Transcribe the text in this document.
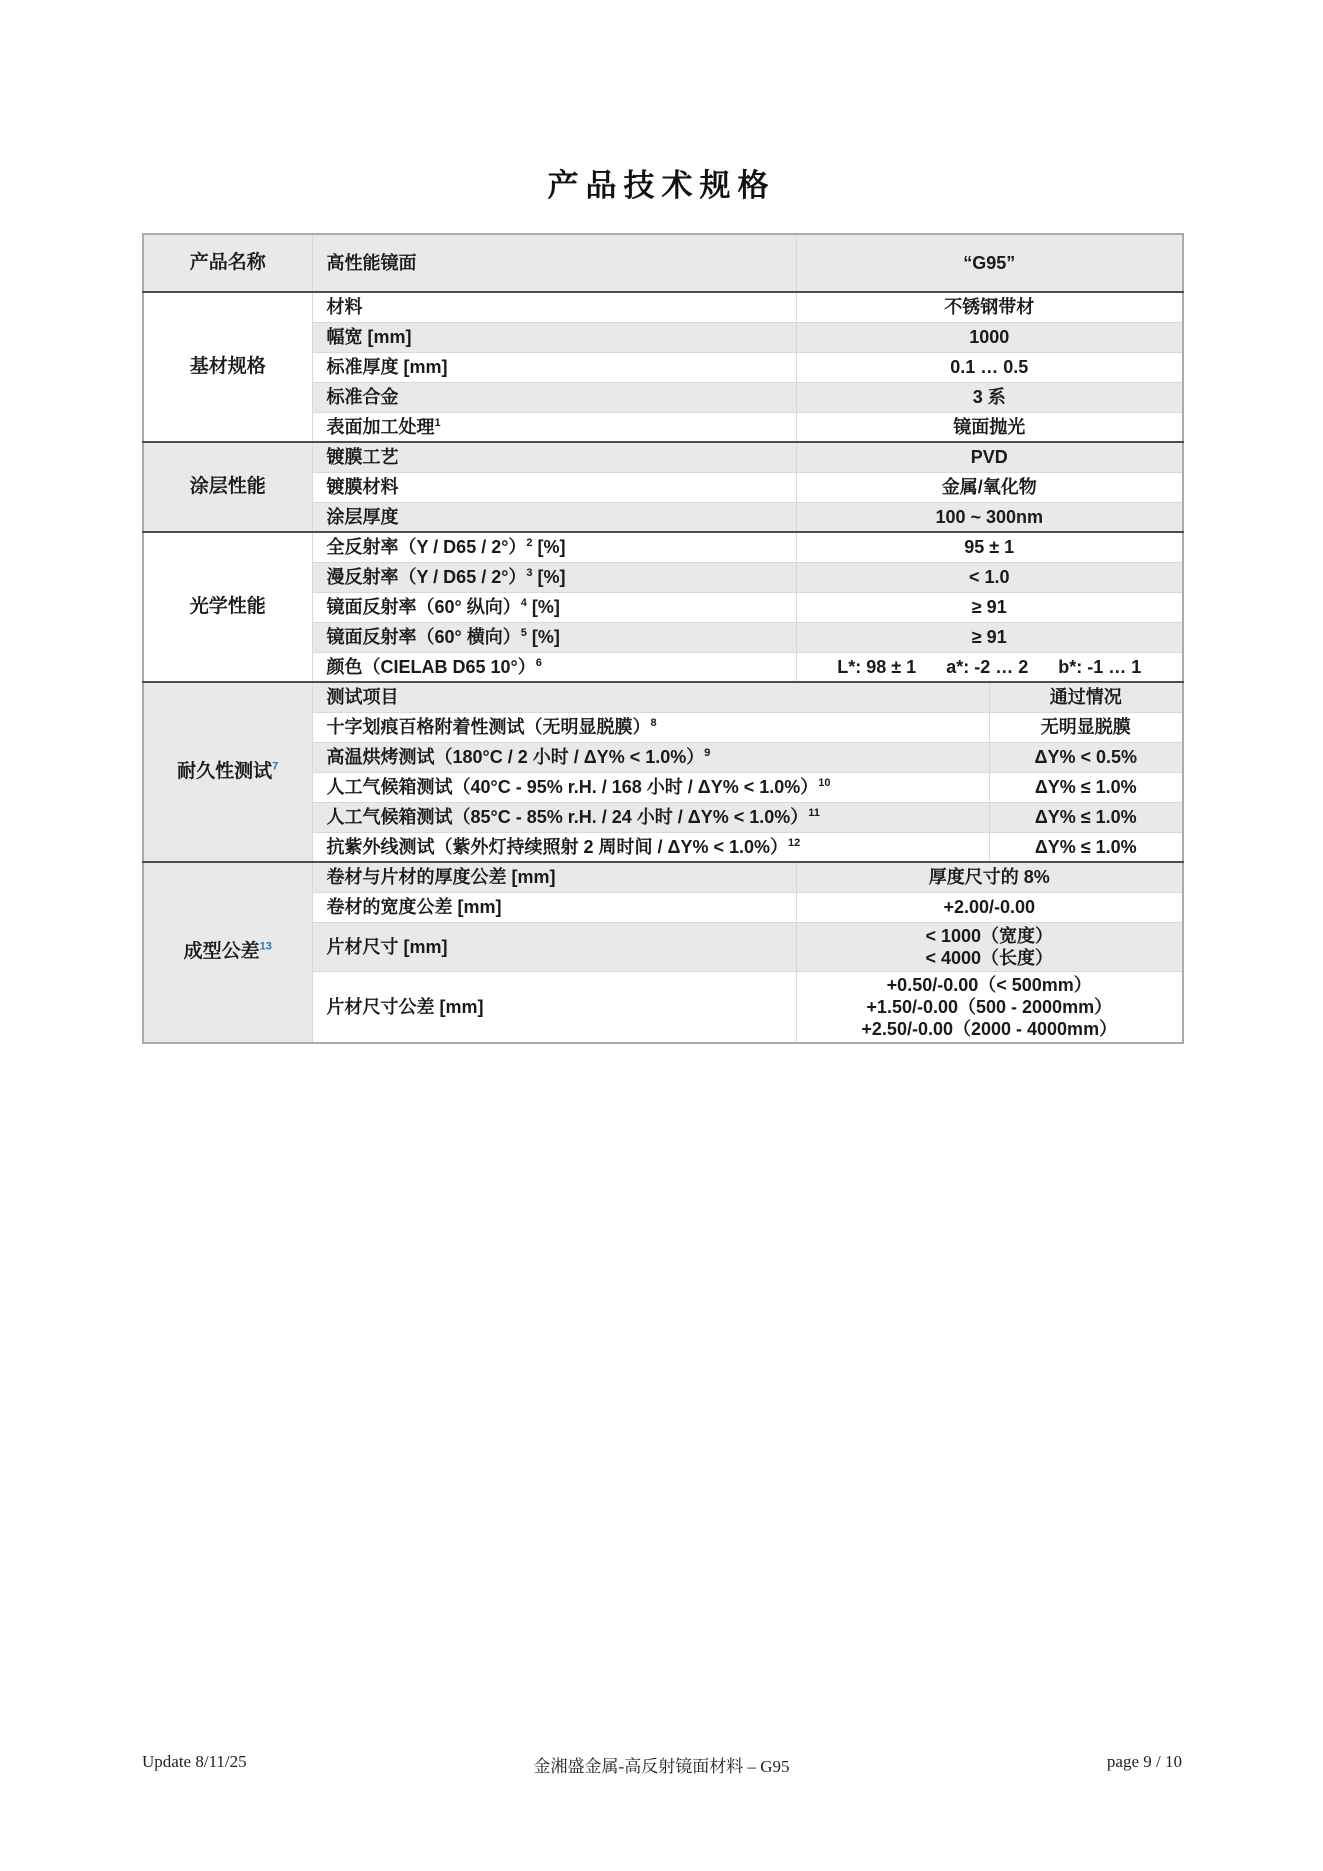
产品技术规格
产品名称	高性能镜面	“G95”	
基材规格	材料	不锈钢带材	
	幅宽 [mm]	1000	
	标准厚度 [mm]	0.1 … 0.5	
	标准合金	3 系	
	表面加工处理$^1$	镜面抛光	
涂层性能	镀膜工艺	PVD	
	镀膜材料	金属/氧化物	
	涂层厚度	100 ~ 300nm	
光学性能	全反射率（Y / D65 / 2°）$^2$ [%]	95 ± 1	
	漫反射率（Y / D65 / 2°）$^3$ [%]	< 1.0	
	镜面反射率（60° 纵向）$^4$ [%]	≥ 91	
	镜面反射率（60° 横向）$^5$ [%]	≥ 91	
	颜色（CIELAB D65 10°）$^6$	L*: 98 ± 1 a*: -2 … 2 b*: -1 … 1	

耐久性测试$^7$	测试项目		通过情况
	十字划痕百格附着性测试（无明显脱膜）$^8$		无明显脱膜
	高温烘烤测试（180°C / 2 小时 / ΔY% < 1.0%）$^9$		ΔY% < 0.5%
	人工气候箱测试（40°C - 95% r.H. / 168 小时 / ΔY% < 1.0%）$^{10}$		ΔY% ≤ 1.0%
	人工气候箱测试（85°C - 85% r.H. / 24 小时 / ΔY% < 1.0%）$^{11}$		ΔY% ≤ 1.0%
	抗紫外线测试（紫外灯持续照射 2 周时间 / ΔY% < 1.0%）$^{12}$		ΔY% ≤ 1.0%
成型公差$^{13}$	卷材与片材的厚度公差 [mm]	厚度尺寸的 8%	
	卷材的宽度公差 [mm]	+2.00/-0.00	
	片材尺寸 [mm]	< 1000（宽度）
< 4000（长度）	

	片材尺寸公差 [mm]	+0.50/-0.00（< 500mm）
+1.50/-0.00（500 - 2000mm）
+2.50/-0.00（2000 - 4000mm）	
Update 8/11/25	金湘盛金属-高反射镜面材料 – G95	page 9 / 10
